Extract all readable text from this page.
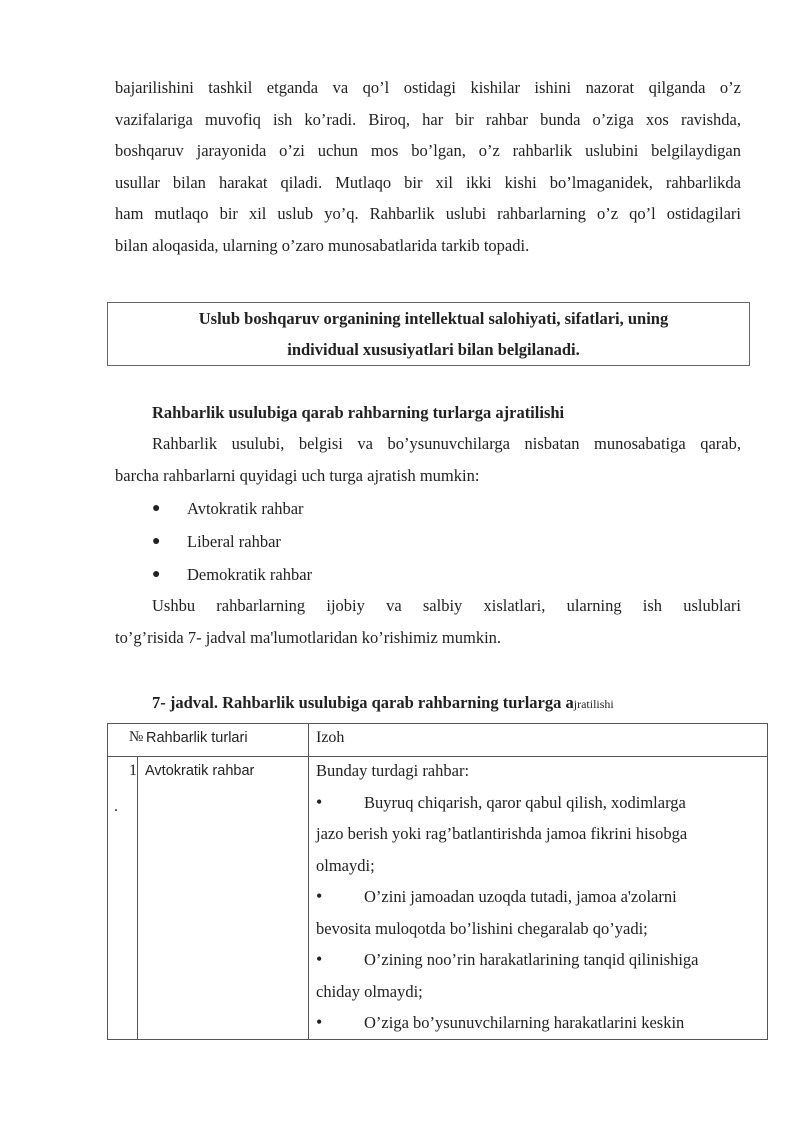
bajarilishini tashkil etganda va qo’l ostidagi kishilar ishini nazorat qilganda o’z
vazifalariga muvofiq ish ko’radi. Biroq, har bir rahbar bunda o’ziga xos ravishda,
boshqaruv jarayonida o’zi uchun mos bo’lgan, o’z rahbarlik uslubini belgilaydigan
usullar bilan harakat qiladi. Mutlaqo bir xil ikki kishi bo’lmaganidek, rahbarlikda
ham mutlaqo bir xil uslub yo’q. Rahbarlik uslubi rahbarlarning o’z qo’l ostidagilari
bilan aloqasida, ularning o’zaro munosabatlarida tarkib topadi.

Uslub boshqaruv organining intellektual salohiyati, sifatlari, uning
individual xususiyatlari bilan belgilanadi.

Rahbarlik usulubiga qarab rahbarning turlarga ajratilishi

Rahbarlik usulubi, belgisi va bo’ysunuvchilarga nisbatan munosabatiga qarab,
barcha rahbarlarni quyidagi uch turga ajratish mumkin:

● Avtokratik rahbar
● Liberal rahbar
● Demokratik rahbar

Ushbu rahbarlarning ijobiy va salbiy xislatlari, ularning ish uslublari
to’g’risida 7- jadval ma'lumotlaridan ko’rishimiz mumkin.

7- jadval. Rahbarlik usulubiga qarab rahbarning turlarga ajratilishi

№ Rahbarlik turlari	Izoh
1
.
Avtokratik rahbar	Bunday turdagi rahbar:
• Buyruq chiqarish, qaror qabul qilish, xodimlarga
jazo berish yoki rag’batlantirishda jamoa fikrini hisobga
olmaydi;
• O’zini jamoadan uzoqda tutadi, jamoa a'zolarni
bevosita muloqotda bo’lishini chegaralab qo’yadi;
• O’zining noo’rin harakatlarining tanqid qilinishiga
chiday olmaydi;
• O’ziga bo’ysunuvchilarning harakatlarini keskin
